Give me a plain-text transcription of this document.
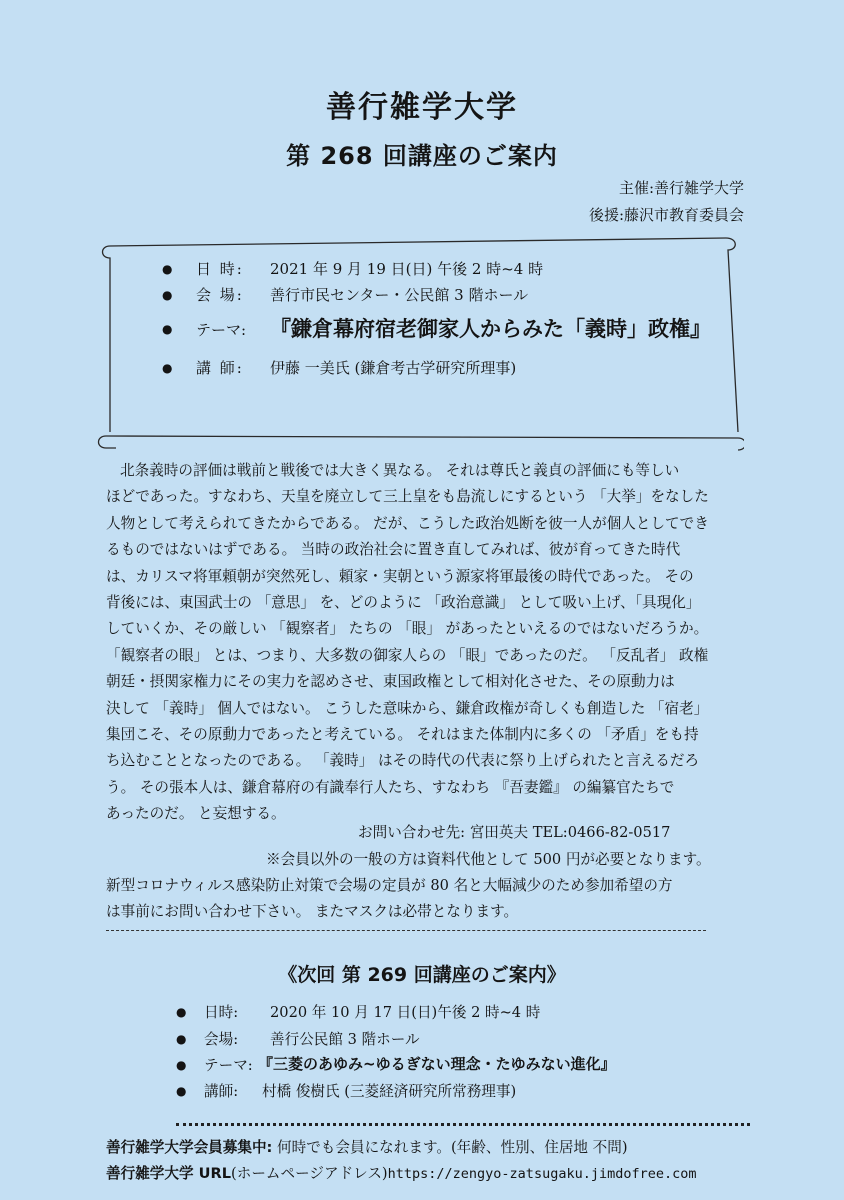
善行雑学大学
第 268 回講座のご案内
主催:善行雑学大学
後援:藤沢市教育委員会
● 日 時: 2021 年 9 月 19 日(日) 午後 2 時~4 時
● 会 場: 善行市民センター・公民館 3 階ホール
● テーマ: 『鎌倉幕府宿老御家人からみた「義時」政権』
● 講 師: 伊藤 一美氏 (鎌倉考古学研究所理事)
北条義時の評価は戦前と戦後では大きく異なる。 それは尊氏と義貞の評価にも等しい
ほどであった。すなわち、天皇を廃立して三上皇をも島流しにするという 「大挙」をなした
人物として考えられてきたからである。 だが、こうした政治処断を彼一人が個人としてでき
るものではないはずである。 当時の政治社会に置き直してみれば、彼が育ってきた時代
は、カリスマ将軍頼朝が突然死し、頼家・実朝という源家将軍最後の時代であった。 その
背後には、東国武士の 「意思」 を、どのように 「政治意識」 として吸い上げ、「具現化」
していくか、その厳しい 「観察者」 たちの 「眼」 があったといえるのではないだろうか。
「観察者の眼」 とは、つまり、大多数の御家人らの 「眼」であったのだ。 「反乱者」 政権
朝廷・摂関家権力にその実力を認めさせ、東国政権として相対化させた、その原動力は
決して 「義時」 個人ではない。 こうした意味から、鎌倉政権が奇しくも創造した 「宿老」
集団こそ、その原動力であったと考えている。 それはまた体制内に多くの 「矛盾」をも持
ち込むこととなったのである。 「義時」 はその時代の代表に祭り上げられたと言えるだろ
う。 その張本人は、鎌倉幕府の有識奉行人たち、すなわち 『吾妻鑑』 の編纂官たちで
あったのだ。 と妄想する。
お問い合わせ先: 宮田英夫 TEL:0466-82-0517
※会員以外の一般の方は資料代他として 500 円が必要となります。
新型コロナウィルス感染防止対策で会場の定員が 80 名と大幅減少のため参加希望の方
は事前にお問い合わせ下さい。 またマスクは必帯となります。
《次回 第 269 回講座のご案内》
● 日時: 2020 年 10 月 17 日(日)午後 2 時~4 時
● 会場: 善行公民館 3 階ホール
● テーマ: 『三菱のあゆみ~ゆるぎない理念・たゆみない進化』
● 講師: 村橋 俊樹氏 (三菱経済研究所常務理事)
善行雑学大学会員募集中: 何時でも会員になれます。(年齢、性別、住居地 不問)
善行雑学大学 URL(ホームページアドレス)https://zengyo-zatsugaku.jimdofree.com
